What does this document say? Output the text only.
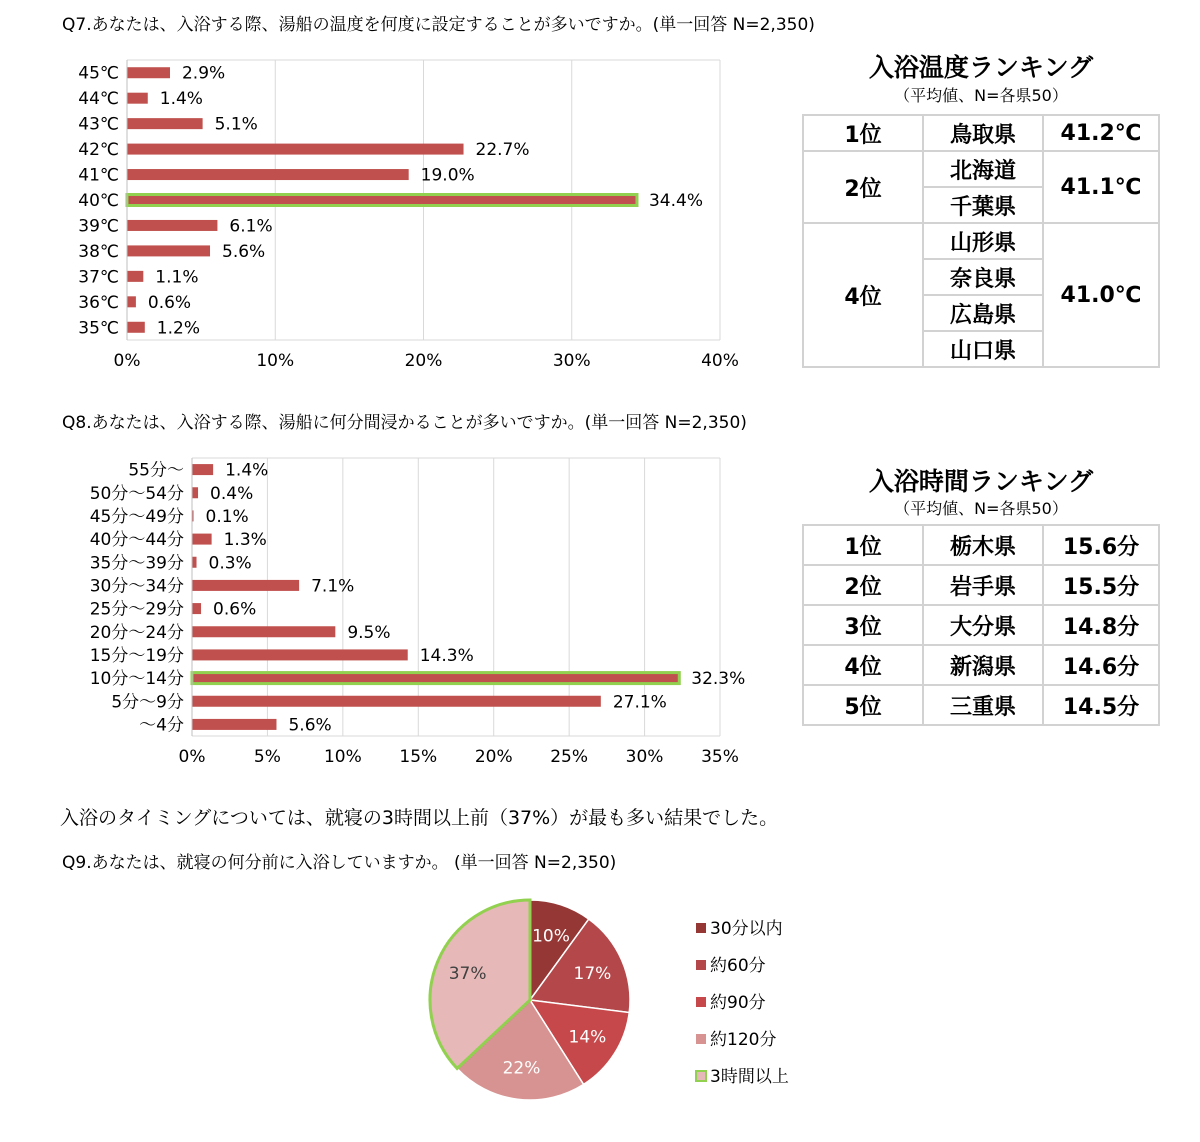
Q7.あなたは、入浴する際、湯船の温度を何度に設定することが多いですか。(単一回答 N=2,350)
0%	10%	20%	30%	40%
45℃	2.9%
44℃ 1.4%
43℃	5.1%
42℃	22.7%
41℃	19.0%
40℃	34.4%
39℃	6.1%
38℃	5.6%
37℃ 1.1%
36℃ 0.6%
35℃ 1.2%
入浴温度ランキング
（平均値、N=各県50）
1位	鳥取県	41.2℃
2位	北海道	41.1℃
	千葉県	
4位	山形県	41.0℃
	奈良県	
	広島県	
	山口県	
Q8.あなたは、入浴する際、湯船に何分間浸かることが多いですか。(単一回答 N=2,350)
0%	5%	10% 15% 20% 25% 30% 35%
55分～ 1.4%
50分～54分 0.4%
45分～49分 0.1%
40分～44分 1.3%
35分～39分 0.3%
30分～34分	7.1%
25分～29分 0.6%
20分～24分	9.5%
15分～19分	14.3%
10分～14分	32.3%
5分～9分	27.1%
～4分	5.6%
入浴時間ランキング
（平均値、N=各県50）
1位	栃木県	15.6分
2位	岩手県	15.5分
3位	大分県	14.8分
4位	新潟県	14.6分
5位	三重県	14.5分
入浴のタイミングについては、就寝の3時間以上前（37%）が最も多い結果でした。
Q9.あなたは、就寝の何分前に入浴していますか。 (単一回答 N=2,350)
10%
17%
14%
22%
37%
30分以内
約60分
約90分
約120分
3時間以上
